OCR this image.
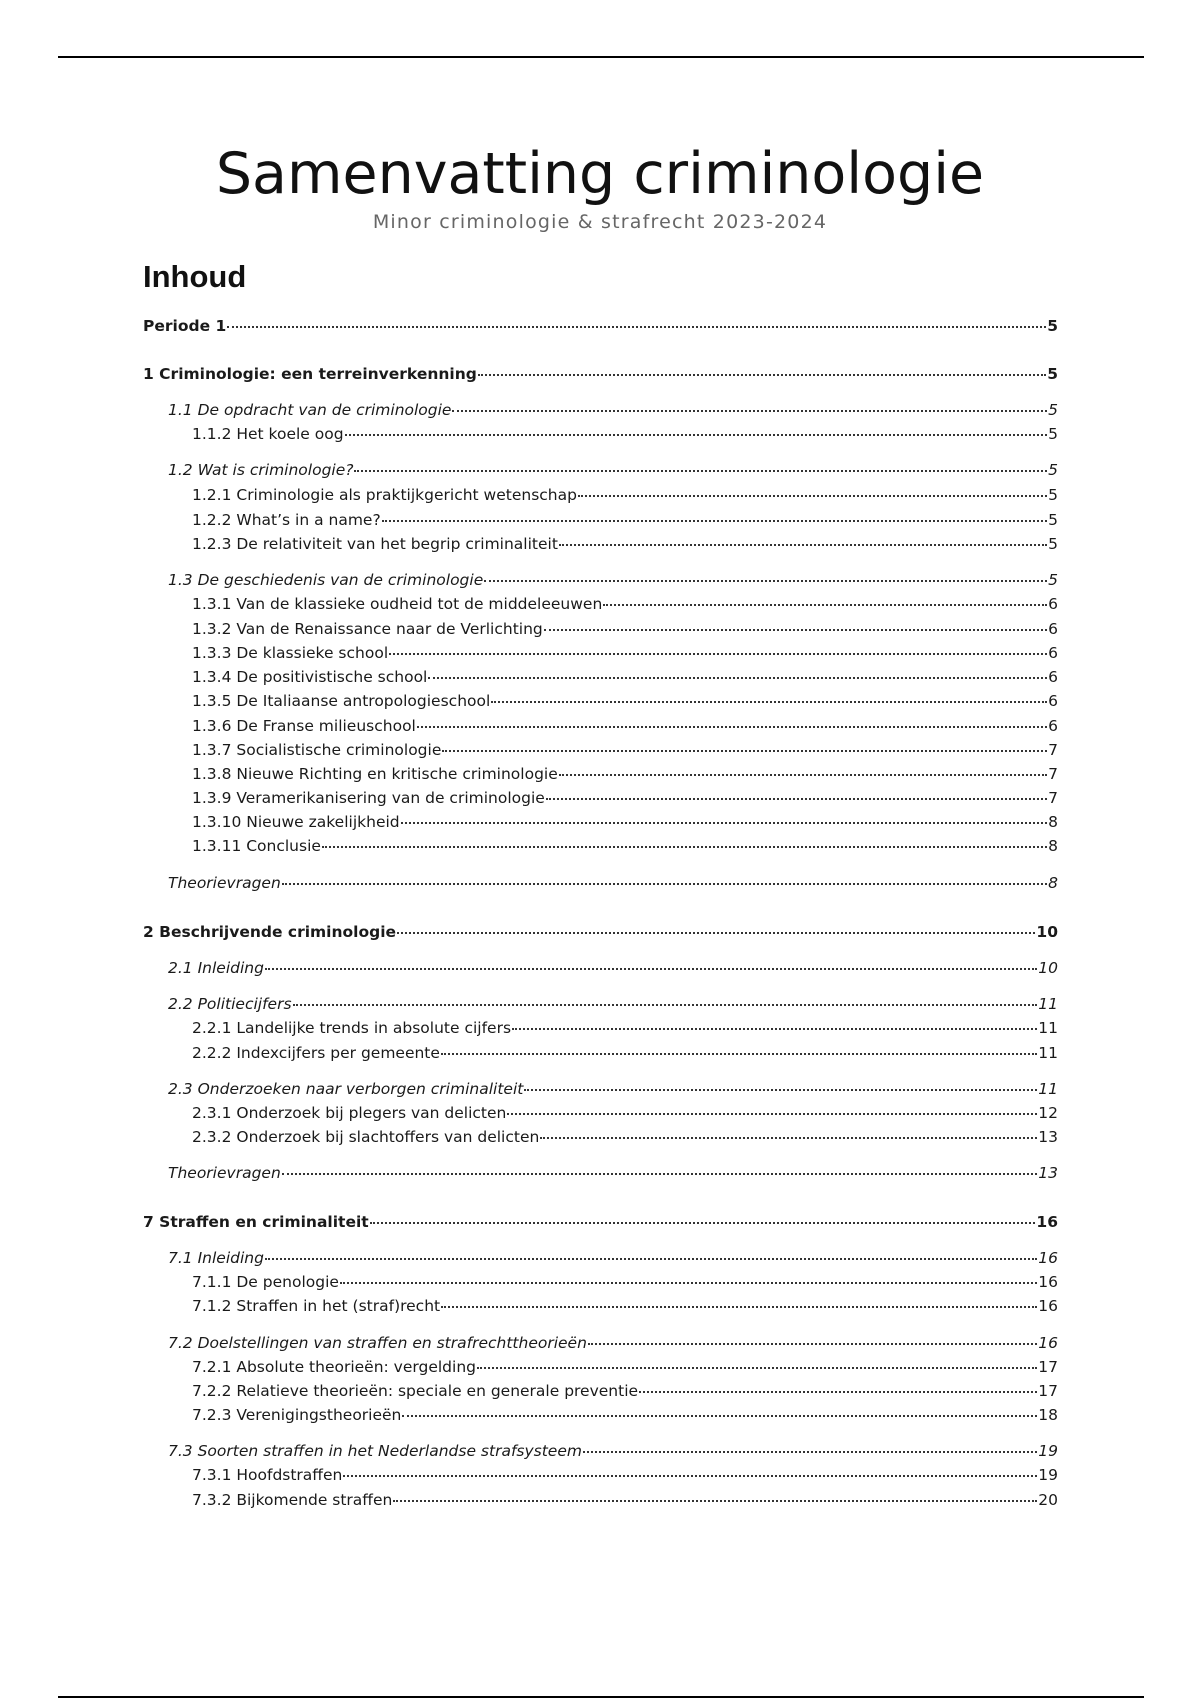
Samenvatting criminologie
Minor criminologie & strafrecht 2023-2024
Inhoud
Periode 1	5
1 Criminologie: een terreinverkenning	5
1.1 De opdracht van de criminologie	5
1.1.2 Het koele oog	5
1.2 Wat is criminologie?	5
1.2.1 Criminologie als praktijkgericht wetenschap	5
1.2.2 What’s in a name?	5
1.2.3 De relativiteit van het begrip criminaliteit	5
1.3 De geschiedenis van de criminologie	5
1.3.1 Van de klassieke oudheid tot de middeleeuwen	6
1.3.2 Van de Renaissance naar de Verlichting	6
1.3.3 De klassieke school	6
1.3.4 De positivistische school	6
1.3.5 De Italiaanse antropologieschool	6
1.3.6 De Franse milieuschool	6
1.3.7 Socialistische criminologie	7
1.3.8 Nieuwe Richting en kritische criminologie	7
1.3.9 Veramerikanisering van de criminologie	7
1.3.10 Nieuwe zakelijkheid	8
1.3.11 Conclusie	8
Theorievragen	8
2 Beschrijvende criminologie	10
2.1 Inleiding	10
2.2 Politiecijfers	11
2.2.1 Landelijke trends in absolute cijfers	11
2.2.2 Indexcijfers per gemeente	11
2.3 Onderzoeken naar verborgen criminaliteit	11
2.3.1 Onderzoek bij plegers van delicten	12
2.3.2 Onderzoek bij slachtoffers van delicten	13
Theorievragen	13
7 Straffen en criminaliteit	16
7.1 Inleiding	16
7.1.1 De penologie	16
7.1.2 Straffen in het (straf)recht	16
7.2 Doelstellingen van straffen en strafrechttheorieën	16
7.2.1 Absolute theorieën: vergelding	17
7.2.2 Relatieve theorieën: speciale en generale preventie	17
7.2.3 Verenigingstheorieën	18
7.3 Soorten straffen in het Nederlandse strafsysteem	19
7.3.1 Hoofdstraffen	19
7.3.2 Bijkomende straffen	20
